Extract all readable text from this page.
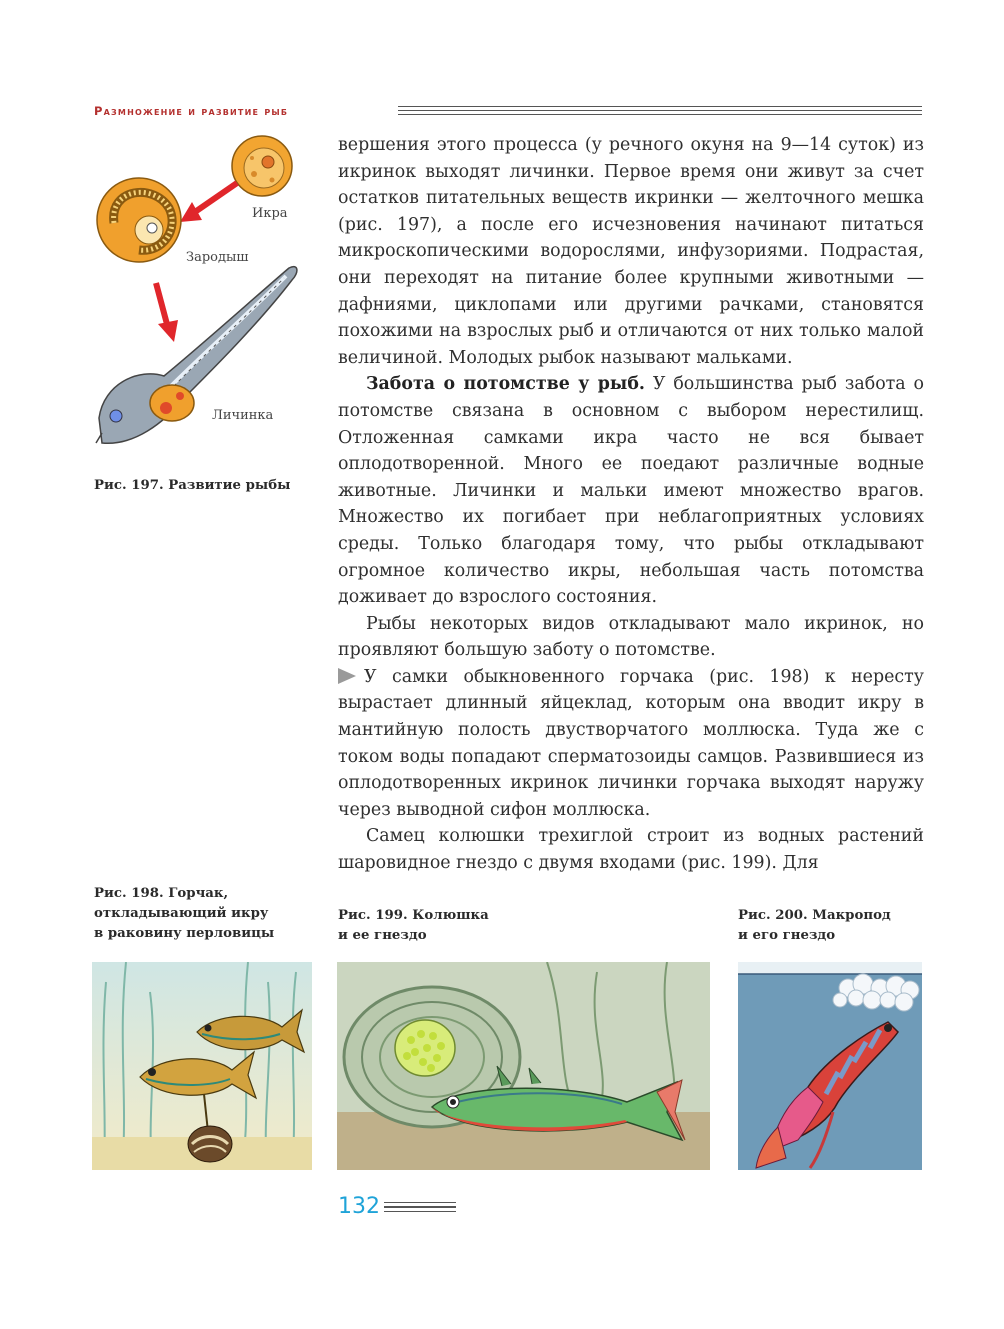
Размножение и развитие рыб
Икра
Зародыш
Личинка
Рис. 197. Развитие рыбы

вершения этого процесса (у речного окуня на 9—14 суток) из икринок выходят личинки. Первое время они живут за счет остатков питательных веществ икринки — желточного мешка (рис. 197), а после его исчезновения начинают питаться микроскопическими водорослями, инфузориями. Подрастая, они переходят на питание более крупными животными — дафниями, циклопами или другими рачками, становятся похожими на взрослых рыб и отличаются от них только малой величиной. Молодых рыбок называют мальками.

Забота о потомстве у рыб. У большинства рыб забота о потомстве связана в основном с выбором нерестилищ. Отложенная самками икра часто не вся бывает оплодотворенной. Много ее поедают различные водные животные. Личинки и мальки имеют множество врагов. Множество их погибает при неблагоприятных условиях среды. Только благодаря тому, что рыбы откладывают огромное количество икры, небольшая часть потомства доживает до взрослого состояния.

Рыбы некоторых видов откладывают мало икринок, но проявляют большую заботу о потомстве.

У самки обыкновенного горчака (рис. 198) к нересту вырастает длинный яйцеклад, которым она вводит икру в мантийную полость двустворчатого моллюска. Туда же с током воды попадают сперматозоиды самцов. Развившиеся из оплодотворенных икринок личинки горчака выходят наружу через выводной сифон моллюска.

Самец колюшки трехиглой строит из водных растений шаровидное гнездо с двумя входами (рис. 199). Для

Рис. 198. Горчак,
откладывающий икру
в раковину перловицы
Рис. 199. Колюшка
и ее гнездо
Рис. 200. Макропод
и его гнездо
132
